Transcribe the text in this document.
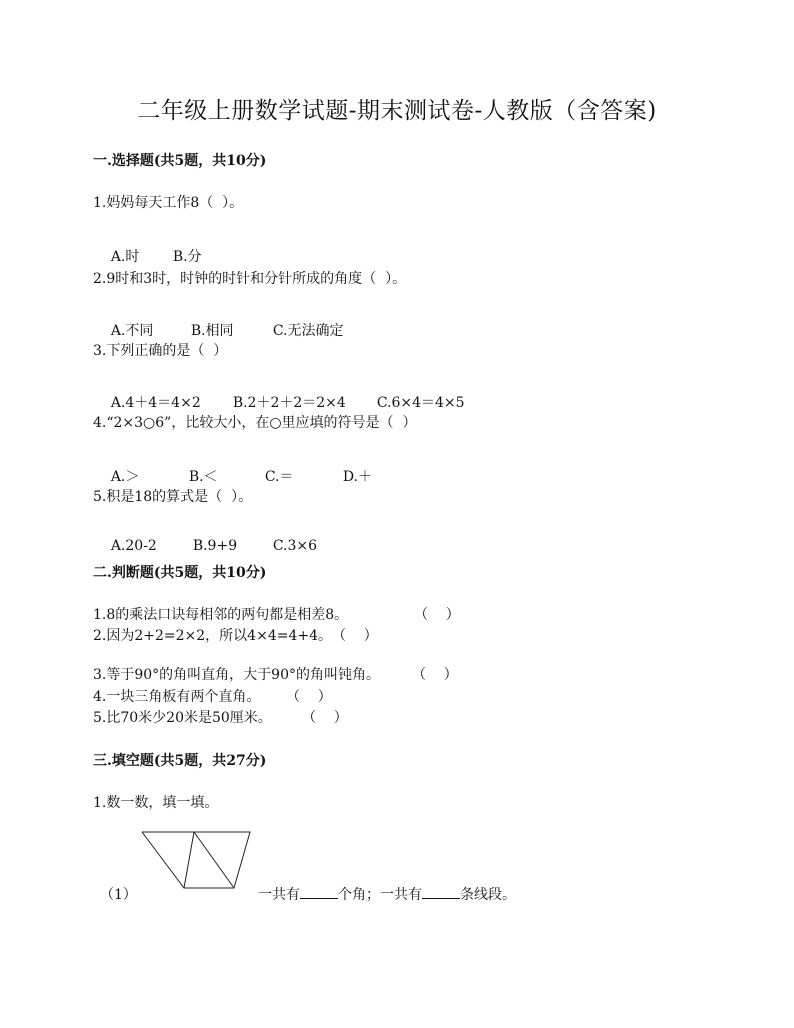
二年级上册数学试题-期末测试卷-人教版（含答案)
一.选择题(共5题，共10分)
1.妈妈每天工作8（  ）。

A.时 B.分

2.9时和3时，时钟的时针和分针所成的角度（  ）。

A.不同	B.相同	C.无法确定

3.下列正确的是（  ）

A.4＋4＝4×2 B.2＋2＋2＝2×4 C.6×4＝4×5

4.“2×3○6”，比较大小，在○里应填的符号是（  ）

A.＞	B.＜	C.＝	D.＋

5.积是18的算式是（  ）。

A.20-2	B.9+9	C.3×6

二.判断题(共5题，共10分)
1.8的乘法口诀每相邻的两句都是相差8。	（    ）
2.因为2+2=2×2，所以4×4=4+4。 （    ）
3.等于90°的角叫直角，大于90°的角叫钝角。 （    ）
4.一块三角板有两个直角。 （    ）
5.比70米少20米是50厘米。 （    ）
三.填空题(共5题，共27分)
1.数一数，填一填。
（1）	一共有	个角；一共有	条线段。
